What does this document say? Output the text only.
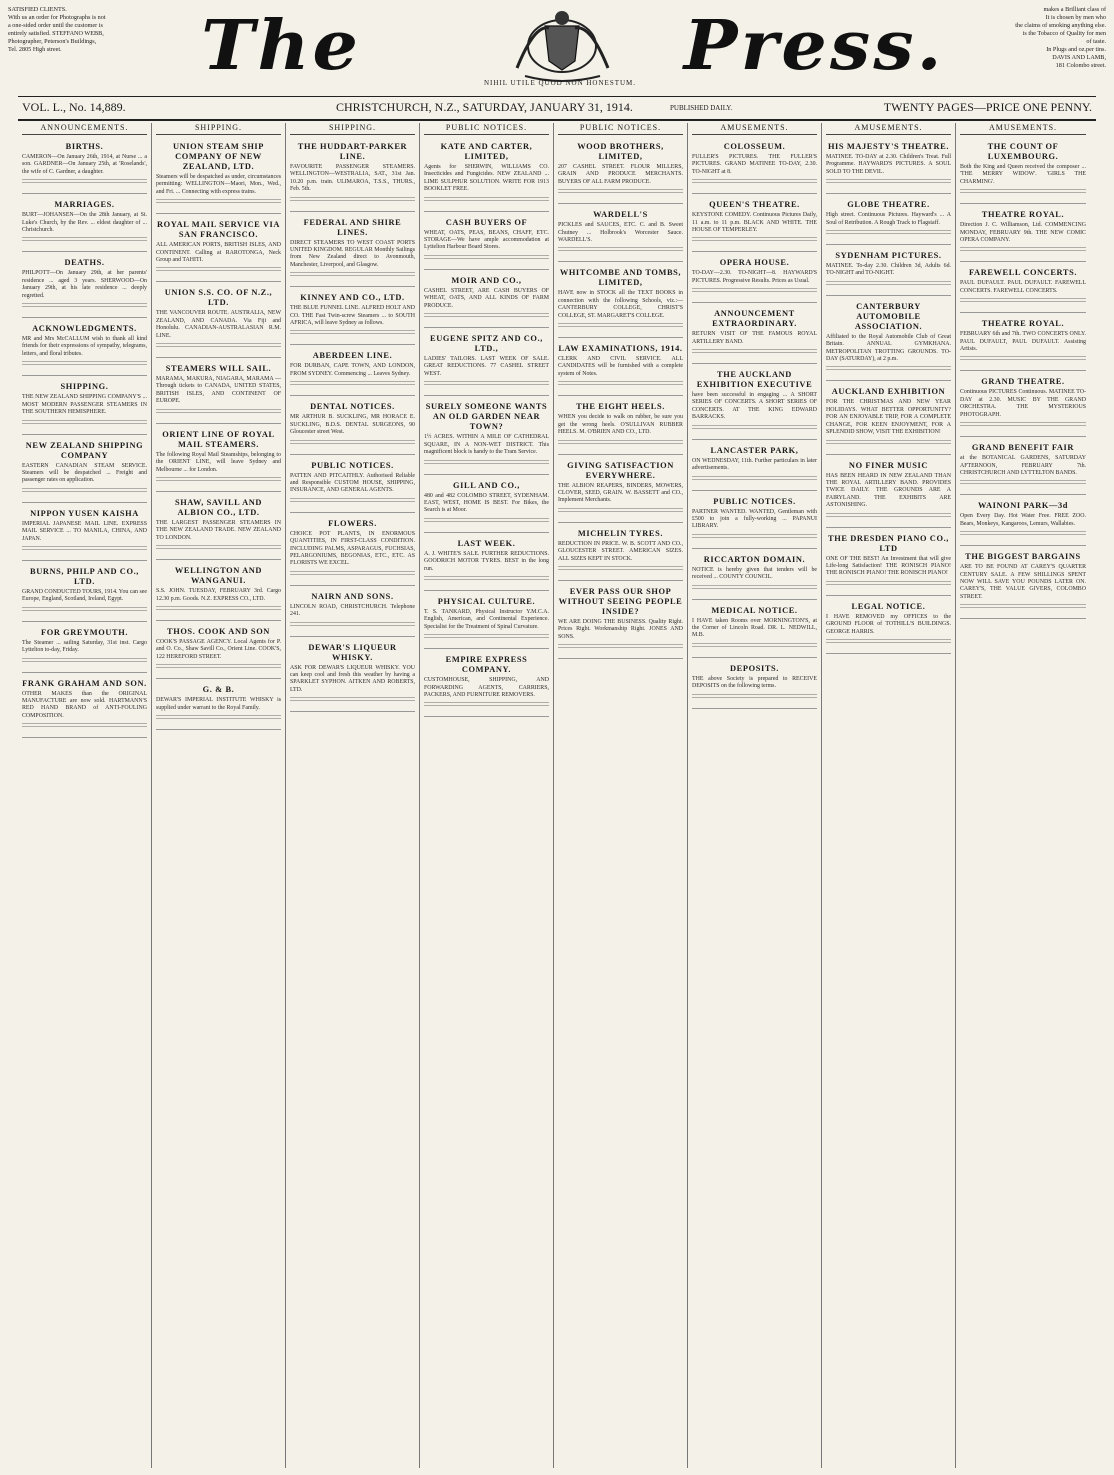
SATISFIED CLIENTS.
With us an order for Photographs is not
a one-sided order until the customer is
entirely satisfied. STEFFANO WEBB,
Photographer, Peterson's Buildings,
Tel. 2805 High street.	The	Press.
NIHIL UTILE QUOD NON HONESTUM.
makes a Brilliant class of
It is chosen by men who
the claims of smoking anything else.
is the Tobacco of Quality for men
of taste.
In Plugs and oz.per tins.
DAVIS AND LAMB,
181 Colombo street.
VOL. L., No. 14,889.	CHRISTCHURCH, N.Z., SATURDAY, JANUARY 31, 1914.	PUBLISHED DAILY.	TWENTY PAGES—PRICE ONE PENNY.
ANNOUNCEMENTS.
BIRTHS.
CAMERON—On January 26th, 1914, at Nurse ... a son. GARDNER—On January 25th, at 'Roselands', the wife of C. Gardner, a daughter.
MARRIAGES.
BURT—JOHANSEN—On the 28th January, at St. Luke's Church, by the Rev. ... eldest daughter of ... Christchurch.
DEATHS.
PHILPOTT—On January 29th, at her parents' residence ... aged 3 years. SHERWOOD—On January 29th, at his late residence ... deeply regretted.
ACKNOWLEDGMENTS.
MR and Mrs McCALLUM wish to thank all kind friends for their expressions of sympathy, telegrams, letters, and floral tributes.
SHIPPING.
THE NEW ZEALAND SHIPPING COMPANY'S ... MOST MODERN PASSENGER STEAMERS IN THE SOUTHERN HEMISPHERE.
NEW ZEALAND SHIPPING COMPANY
EASTERN CANADIAN STEAM SERVICE. Steamers will be despatched ... Freight and passenger rates on application.
NIPPON YUSEN KAISHA
IMPERIAL JAPANESE MAIL LINE. EXPRESS MAIL SERVICE ... TO MANILA, CHINA, AND JAPAN.
BURNS, PHILP AND CO., LTD.
GRAND CONDUCTED TOURS, 1914. You can see Europe, England, Scotland, Ireland, Egypt.
FOR GREYMOUTH.
The Steamer ... sailing Saturday, 31st inst. Cargo Lyttelton to-day, Friday.
FRANK GRAHAM AND SON.
OTHER MAKES than the ORIGINAL MANUFACTURE are now sold. HARTMANN'S RED HAND BRAND of ANTI-FOULING COMPOSITION.
SHIPPING.
UNION STEAM SHIP COMPANY OF NEW ZEALAND, LTD.
Steamers will be despatched as under, circumstances permitting: WELLINGTON—Maori, Mon., Wed., and Fri. ... Connecting with express trains.
ROYAL MAIL SERVICE VIA SAN FRANCISCO.
ALL AMERICAN PORTS, BRITISH ISLES, AND CONTINENT. Calling at RAROTONGA, Neck Group and TAHITI.
UNION S.S. CO. OF N.Z., LTD.
THE VANCOUVER ROUTE. AUSTRALIA, NEW ZEALAND, AND CANADA. Via Fiji and Honolulu. CANADIAN-AUSTRALASIAN R.M. LINE.
STEAMERS WILL SAIL.
MARAMA, MAKURA, NIAGARA, MARAMA — Through tickets to CANADA, UNITED STATES, BRITISH ISLES, AND CONTINENT OF EUROPE.
ORIENT LINE OF ROYAL MAIL STEAMERS.
The following Royal Mail Steamships, belonging to the ORIENT LINE, will leave Sydney and Melbourne ... for London.
SHAW, SAVILL AND ALBION CO., LTD.
THE LARGEST PASSENGER STEAMERS IN THE NEW ZEALAND TRADE. NEW ZEALAND TO LONDON.
WELLINGTON AND WANGANUI.
S.S. JOHN. TUESDAY, FEBRUARY 3rd. Cargo 12.30 p.m. Goods. N.Z. EXPRESS CO., LTD.
THOS. COOK AND SON
COOK'S PASSAGE AGENCY. Local Agents for P. and O. Co., Shaw Savill Co., Orient Line. COOK'S, 122 HEREFORD STREET.
G. & B.
DEWAR'S IMPERIAL INSTITUTE WHISKY is supplied under warrant to the Royal Family.
SHIPPING.
THE HUDDART-PARKER LINE.
FAVOURITE PASSENGER STEAMERS. WELLINGTON—WESTRALIA, SAT., 31st Jan. 10.20 p.m. train. ULIMAROA, T.S.S., THURS., Feb. 5th.
FEDERAL AND SHIRE LINES.
DIRECT STEAMERS TO WEST COAST PORTS UNITED KINGDOM. REGULAR Monthly Sailings from New Zealand direct to Avonmouth, Manchester, Liverpool, and Glasgow.
KINNEY AND CO., LTD.
THE BLUE FUNNEL LINE. ALFRED HOLT AND CO. THE Fast Twin-screw Steamers ... to SOUTH AFRICA, will leave Sydney as follows.
ABERDEEN LINE.
FOR DURBAN, CAPE TOWN, AND LONDON, FROM SYDNEY. Commencing ... Leaves Sydney.
DENTAL NOTICES.
MR ARTHUR B. SUCKLING, MR HORACE E. SUCKLING, B.D.S. DENTAL SURGEONS, 90 Gloucester street West.
PUBLIC NOTICES.
PATTEN AND PITCAITHLY. Authorised Reliable and Responsible CUSTOM HOUSE, SHIPPING, INSURANCE, AND GENERAL AGENTS.
FLOWERS.
CHOICE POT PLANTS, IN ENORMOUS QUANTITIES, IN FIRST-CLASS CONDITION. INCLUDING PALMS, ASPARAGUS, FUCHSIAS, PELARGONIUMS, BEGONIAS, ETC., ETC. AS FLORISTS WE EXCEL.
NAIRN AND SONS.
LINCOLN ROAD, CHRISTCHURCH. Telephone 241.
DEWAR'S LIQUEUR WHISKY.
ASK FOR DEWAR'S LIQUEUR WHISKY. YOU can keep cool and fresh this weather by having a SPARKLET SYPHON. AITKEN AND ROBERTS, LTD.
PUBLIC NOTICES.
KATE AND CARTER, LIMITED,
Agents for SHERWIN, WILLIAMS CO. Insecticides and Fungicides. NEW ZEALAND ... LIME SULPHUR SOLUTION. WRITE FOR 1913 BOOKLET FREE.
CASH BUYERS OF
WHEAT, OATS, PEAS, BEANS, CHAFF, ETC. STORAGE—We have ample accommodation at Lyttelton Harbour Board Stores.
MOIR AND CO.,
CASHEL STREET, ARE CASH BUYERS OF WHEAT, OATS, AND ALL KINDS OF FARM PRODUCE.
EUGENE SPITZ AND CO., LTD.,
LADIES' TAILORS. LAST WEEK OF SALE. GREAT REDUCTIONS. 77 CASHEL STREET WEST.
SURELY SOMEONE WANTS AN OLD GARDEN NEAR TOWN?
1½ ACRES. WITHIN A MILE OF CATHEDRAL SQUARE, IN A NON-WET DISTRICT. This magnificent block is handy to the Tram Service.
GILL AND CO.,
480 and 482 COLOMBO STREET, SYDENHAM. EAST, WEST, HOME IS BEST. For Bikes, the Search is at Moor.
LAST WEEK.
A. J. WHITE'S SALE. FURTHER REDUCTIONS. GOODRICH MOTOR TYRES. BEST in the long run.
PHYSICAL CULTURE.
T. S. TANKARD, Physical Instructor Y.M.C.A. English, American, and Continental Experience. Specialist for the Treatment of Spinal Curvature.
EMPIRE EXPRESS COMPANY.
CUSTOMHOUSE, SHIPPING, AND FORWARDING AGENTS, CARRIERS, PACKERS, AND FURNITURE REMOVERS.
PUBLIC NOTICES.
WOOD BROTHERS, LIMITED,
207 CASHEL STREET. FLOUR MILLERS, GRAIN AND PRODUCE MERCHANTS. BUYERS OF ALL FARM PRODUCE.
WARDELL'S
PICKLES and SAUCES, ETC. C. and B. Sweet Chutney ... Holbrook's Worcester Sauce. WARDELL'S.
WHITCOMBE AND TOMBS, LIMITED,
HAVE now in STOCK all the TEXT BOOKS in connection with the following Schools, viz.:— CANTERBURY COLLEGE, CHRIST'S COLLEGE, ST. MARGARET'S COLLEGE.
LAW EXAMINATIONS, 1914.
CLERK AND CIVIL SERVICE. ALL CANDIDATES will be furnished with a complete system of Notes.
THE EIGHT HEELS.
WHEN you decide to walk on rubber, be sure you get the wrong heels. O'SULLIVAN RUBBER HEELS. M. O'BRIEN AND CO., LTD.
GIVING SATISFACTION EVERYWHERE.
THE ALBION REAPERS, BINDERS, MOWERS, CLOVER, SEED, GRAIN. W. BASSETT and CO., Implement Merchants.
MICHELIN TYRES.
REDUCTION IN PRICE. W. B. SCOTT AND CO., GLOUCESTER STREET. AMERICAN SIZES. ALL SIZES KEPT IN STOCK.
EVER PASS OUR SHOP WITHOUT SEEING PEOPLE INSIDE?
WE ARE DOING THE BUSINESS. Quality Right. Prices Right. Workmanship Right. JONES AND SONS.
AMUSEMENTS.
COLOSSEUM.
FULLER'S PICTURES. THE FULLER'S PICTURES. GRAND MATINEE TO-DAY, 2.30. TO-NIGHT at 8.
QUEEN'S THEATRE.
KEYSTONE COMEDY. Continuous Pictures Daily, 11 a.m. to 11 p.m. BLACK AND WHITE. THE HOUSE OF TEMPERLEY.
OPERA HOUSE.
TO-DAY—2.30. TO-NIGHT—8. HAYWARD'S PICTURES. Progressive Results. Prices as Usual.
ANNOUNCEMENT EXTRAORDINARY.
RETURN VISIT OF THE FAMOUS ROYAL ARTILLERY BAND.
THE AUCKLAND EXHIBITION EXECUTIVE
have been successful in engaging ... A SHORT SERIES OF CONCERTS. A SHORT SERIES OF CONCERTS. AT THE KING EDWARD BARRACKS.
LANCASTER PARK,
ON WEDNESDAY, 11th. Further particulars in later advertisements.
PUBLIC NOTICES.
PARTNER WANTED. WANTED, Gentleman with £500 to join a fully-working ... PAPANUI LIBRARY.
RICCARTON DOMAIN.
NOTICE is hereby given that tenders will be received ... COUNTY COUNCIL.
MEDICAL NOTICE.
I HAVE taken Rooms over MORNINGTON'S, at the Corner of Lincoln Road. DR. L. NEDWILL, M.B.
DEPOSITS.
THE above Society is prepared to RECEIVE DEPOSITS on the following terms.
AMUSEMENTS.
HIS MAJESTY'S THEATRE.
MATINEE. TO-DAY at 2.30. Children's Treat. Full Programme. HAYWARD'S PICTURES. A SOUL SOLD TO THE DEVIL.
GLOBE THEATRE.
High street. Continuous Pictures. Hayward's ... A Soul of Retribution. A Rough Track to Flagstaff.
SYDENHAM PICTURES.
MATINEE. To-day 2.30. Children 3d, Adults 6d. TO-NIGHT and TO-NIGHT.
CANTERBURY AUTOMOBILE ASSOCIATION.
Affiliated to the Royal Automobile Club of Great Britain. ANNUAL GYMKHANA. METROPOLITAN TROTTING GROUNDS. TO-DAY (SATURDAY), at 2 p.m.
AUCKLAND EXHIBITION
FOR THE CHRISTMAS AND NEW YEAR HOLIDAYS. WHAT BETTER OPPORTUNITY? FOR AN ENJOYABLE TRIP, FOR A COMPLETE CHANGE, FOR KEEN ENJOYMENT, FOR A SPLENDID SHOW, VISIT THE EXHIBITION!
NO FINER MUSIC
HAS BEEN HEARD IN NEW ZEALAND THAN THE ROYAL ARTILLERY BAND. PROVIDES TWICE DAILY. THE GROUNDS ARE A FAIRYLAND. THE EXHIBITS ARE ASTONISHING.
THE DRESDEN PIANO CO., LTD
ONE OF THE BEST! An Investment that will give Life-long Satisfaction! THE RONISCH PIANO! THE RONISCH PIANO! THE RONISCH PIANO!
LEGAL NOTICE.
I HAVE REMOVED my OFFICES to the GROUND FLOOR of TOTHILL'S BUILDINGS. GEORGE HARRIS.
AMUSEMENTS.
THE COUNT OF LUXEMBOURG.
Both the King and Queen received the composer ... 'THE MERRY WIDOW'. 'GIRLS THE CHARMING'.
THEATRE ROYAL.
Direction J. C. Williamson, Ltd. COMMENCING MONDAY, FEBRUARY 9th. THE NEW COMIC OPERA COMPANY.
FAREWELL CONCERTS.
PAUL DUFAULT. PAUL DUFAULT. FAREWELL CONCERTS. FAREWELL CONCERTS.
THEATRE ROYAL.
FEBRUARY 6th and 7th. TWO CONCERTS ONLY. PAUL DUFAULT, PAUL DUFAULT. Assisting Artists.
GRAND THEATRE.
Continuous PICTURES Continuous. MATINEE TO-DAY at 2.30. MUSIC BY THE GRAND ORCHESTRA. THE MYSTERIOUS PHOTOGRAPH.
GRAND BENEFIT FAIR
at the BOTANICAL GARDENS, SATURDAY AFTERNOON, FEBRUARY 7th. CHRISTCHURCH AND LYTTELTON BANDS.
WAINONI PARK—3d
Open Every Day. Hot Water Free. FREE ZOO. Bears, Monkeys, Kangaroos, Lemurs, Wallabies.
THE BIGGEST BARGAINS
ARE TO BE FOUND AT CAREY'S QUARTER CENTURY SALE. A FEW SHILLINGS SPENT NOW WILL SAVE YOU POUNDS LATER ON. CAREY'S, THE VALUE GIVERS, COLOMBO STREET.
